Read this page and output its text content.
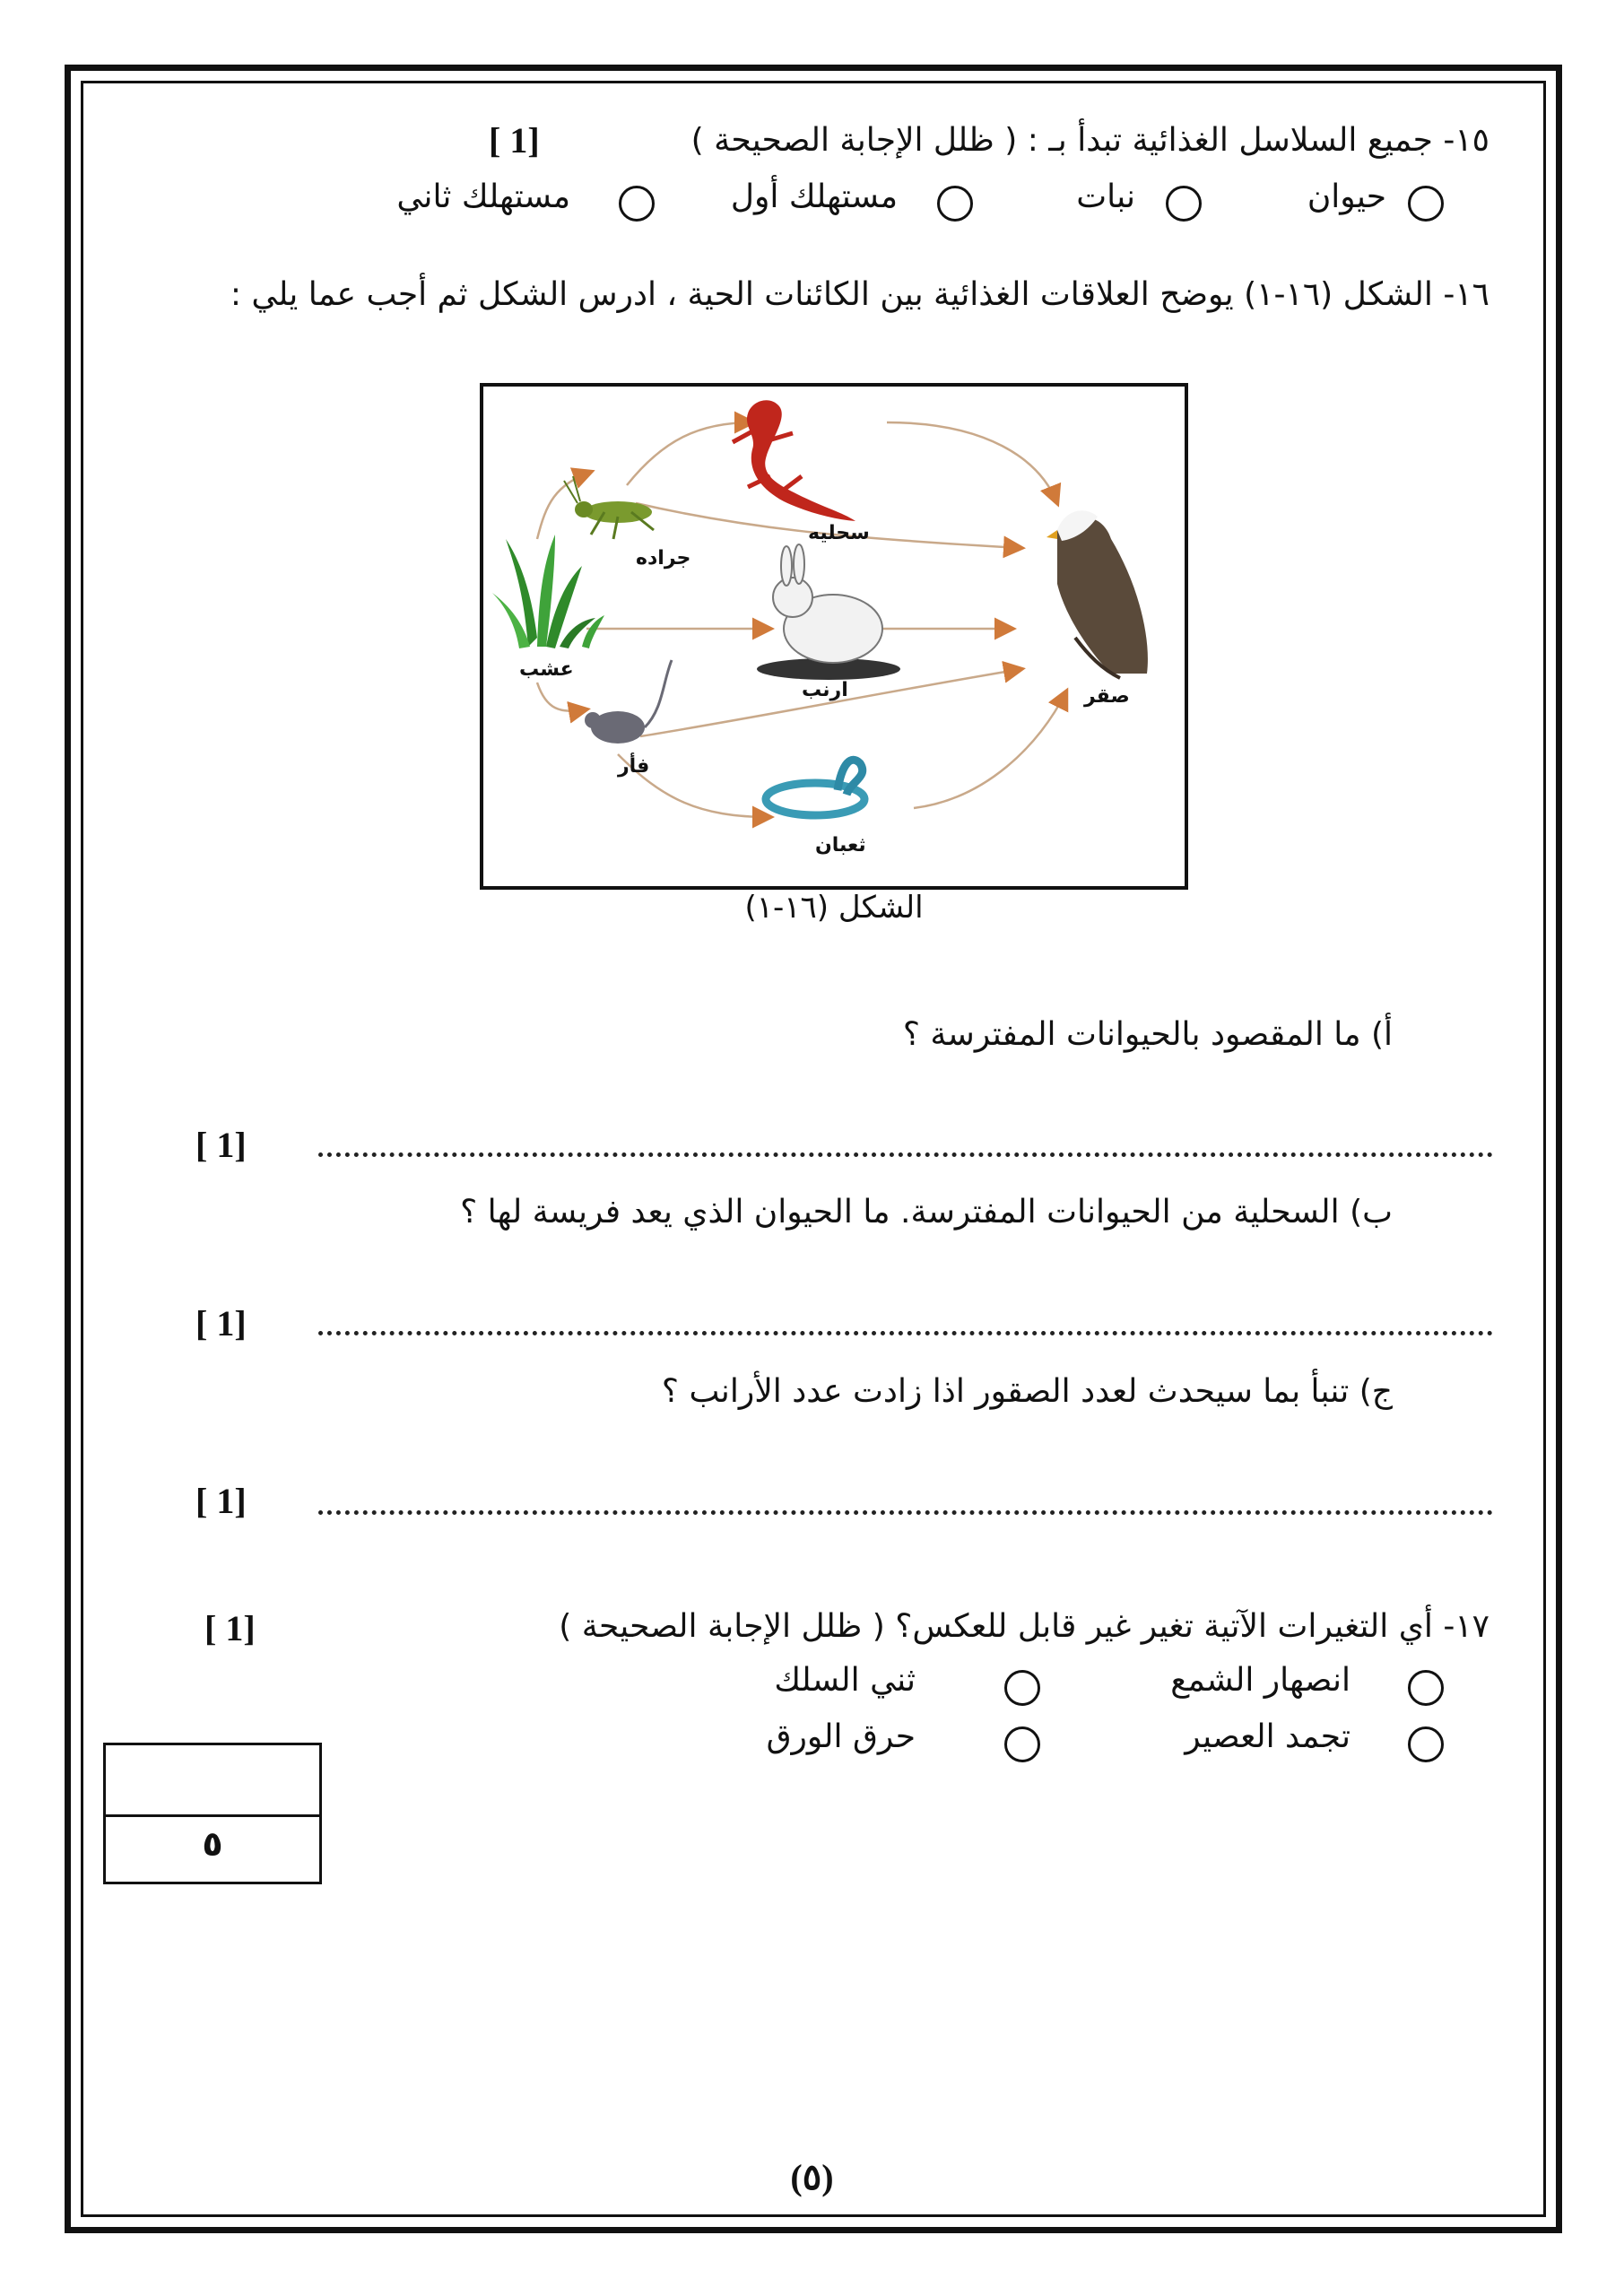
١٥- جميع السلاسل الغذائية تبدأ بـ : ( ظلل الإجابة الصحيحة )
[ 1]
حيوان
نبات
مستهلك أول
مستهلك ثاني
١٦- الشكل (١٦-١) يوضح العلاقات الغذائية بين الكائنات الحية ، ادرس الشكل ثم أجب عما يلي :
عشب
جراده
سحليه
ارنب
فأر
ثعبان
صقر
الشكل (١٦-١)
أ) ما المقصود بالحيوانات المفترسة ؟
[ 1]
ب) السحلية من الحيوانات المفترسة. ما الحيوان الذي يعد فريسة لها ؟
[ 1]
ج) تنبأ بما سيحدث لعدد الصقور اذا زادت عدد الأرانب ؟
[ 1]
١٧- أي التغيرات الآتية تغير غير قابل للعكس؟ ( ظلل الإجابة الصحيحة )
[ 1]
انصهار الشمع
ثني السلك
تجمد العصير
حرق الورق
٥
(٥)
